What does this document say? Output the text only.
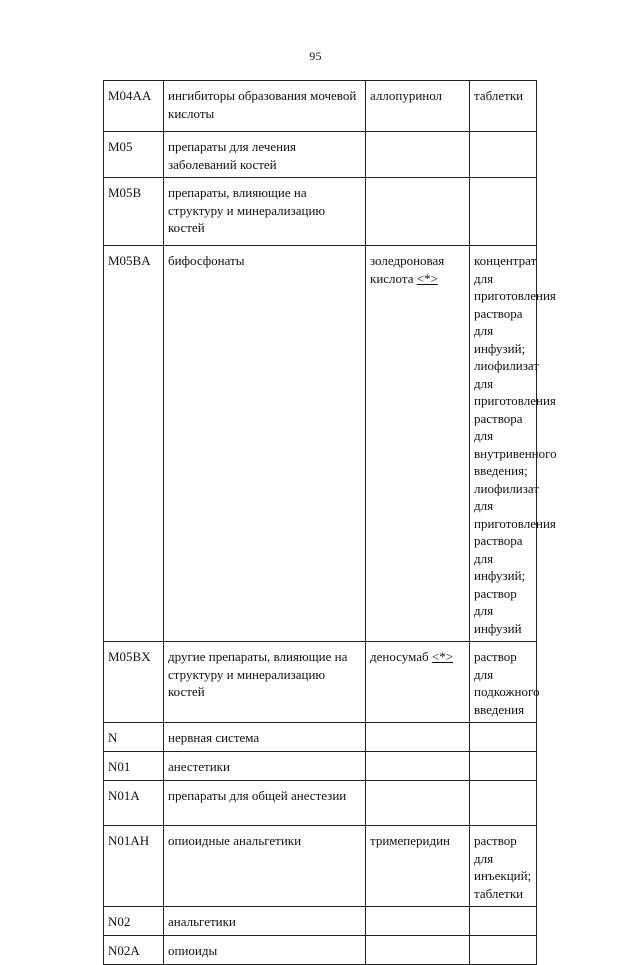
95
M04AA	ингибиторы образования мочевой кислоты	аллопуринол	таблетки
M05	препараты для лечения заболеваний костей		
M05B	препараты, влияющие на структуру и минерализацию костей		
M05BA	бифосфонаты	золедроновая кислота <*>	концентрат для приготовления раствора для инфузий;
лиофилизат для приготовления раствора для внутривенного введения;
лиофилизат для приготовления раствора для инфузий;
раствор для инфузий
M05BX	другие препараты, влияющие на структуру и минерализацию костей	деносумаб <*>	раствор для подкожного введения
N	нервная система		
N01	анестетики		
N01A	препараты для общей анестезии		
N01AH	опиоидные анальгетики	тримеперидин	раствор для инъекций;
таблетки
N02	анальгетики		
N02A	опиоиды		
